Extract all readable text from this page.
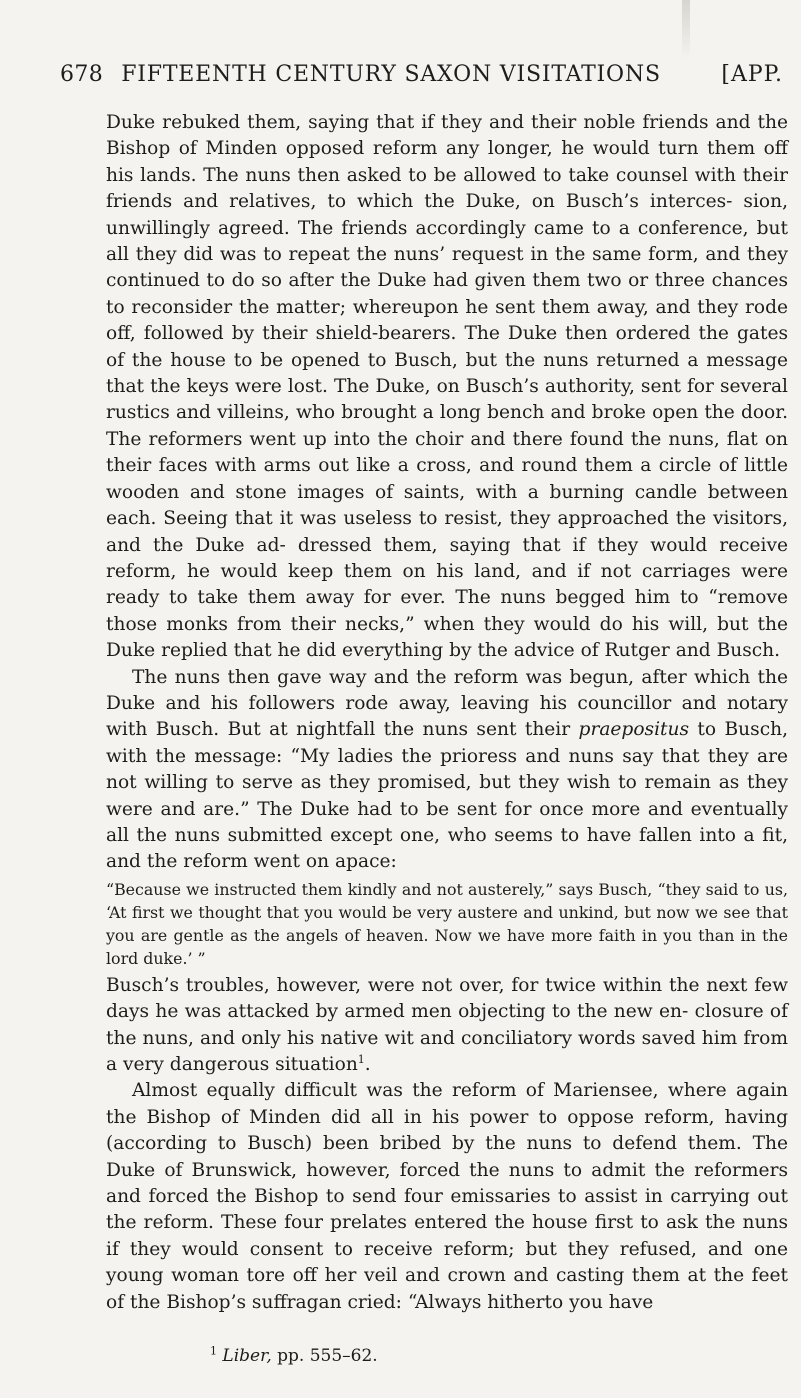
678 FIFTEENTH CENTURY SAXON VISITATIONS	[APP.

Duke rebuked them, saying that if they and their noble friends and the Bishop of Minden opposed reform any longer, he would turn them off his lands. The nuns then asked to be allowed to take counsel with their friends and relatives, to which the Duke, on Busch’s interces- sion, unwillingly agreed. The friends accordingly came to a conference, but all they did was to repeat the nuns’ request in the same form, and they continued to do so after the Duke had given them two or three chances to reconsider the matter; whereupon he sent them away, and they rode off, followed by their shield-bearers. The Duke then ordered the gates of the house to be opened to Busch, but the nuns returned a message that the keys were lost. The Duke, on Busch’s authority, sent for several rustics and villeins, who brought a long bench and broke open the door. The reformers went up into the choir and there found the nuns, flat on their faces with arms out like a cross, and round them a circle of little wooden and stone images of saints, with a burning candle between each. Seeing that it was useless to resist, they approached the visitors, and the Duke ad- dressed them, saying that if they would receive reform, he would keep them on his land, and if not carriages were ready to take them away for ever. The nuns begged him to “remove those monks from their necks,” when they would do his will, but the Duke replied that he did everything by the advice of Rutger and Busch.

The nuns then gave way and the reform was begun, after which the Duke and his followers rode away, leaving his councillor and notary with Busch. But at nightfall the nuns sent their praepositus to Busch, with the message: “My ladies the prioress and nuns say that they are not willing to serve as they promised, but they wish to remain as they were and are.” The Duke had to be sent for once more and eventually all the nuns submitted except one, who seems to have fallen into a fit, and the reform went on apace:

“Because we instructed them kindly and not austerely,” says Busch, “they said to us, ‘At first we thought that you would be very austere and unkind, but now we see that you are gentle as the angels of heaven. Now we have more faith in you than in the lord duke.’ ”

Busch’s troubles, however, were not over, for twice within the next few days he was attacked by armed men objecting to the new en- closure of the nuns, and only his native wit and conciliatory words saved him from a very dangerous situation$^1$.

Almost equally difficult was the reform of Mariensee, where again the Bishop of Minden did all in his power to oppose reform, having (according to Busch) been bribed by the nuns to defend them. The Duke of Brunswick, however, forced the nuns to admit the reformers and forced the Bishop to send four emissaries to assist in carrying out the reform. These four prelates entered the house first to ask the nuns if they would consent to receive reform; but they refused, and one young woman tore off her veil and crown and casting them at the feet of the Bishop’s suffragan cried: “Always hitherto you have

$^1$ Liber, pp. 555–62.
